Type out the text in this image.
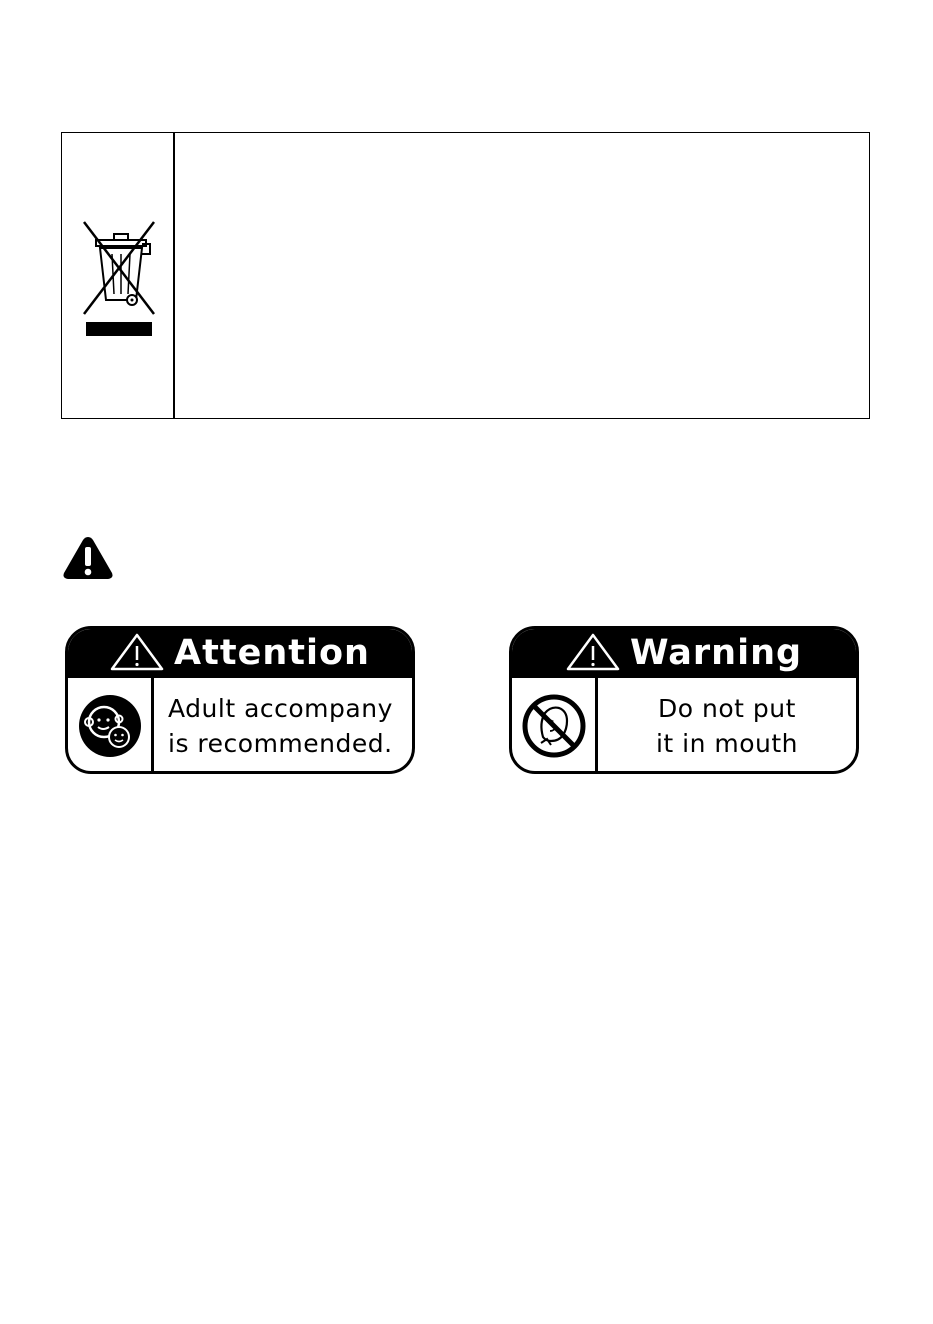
Attention
Adult accompany
is recommended.
Warning
Do not put
it in mouth
